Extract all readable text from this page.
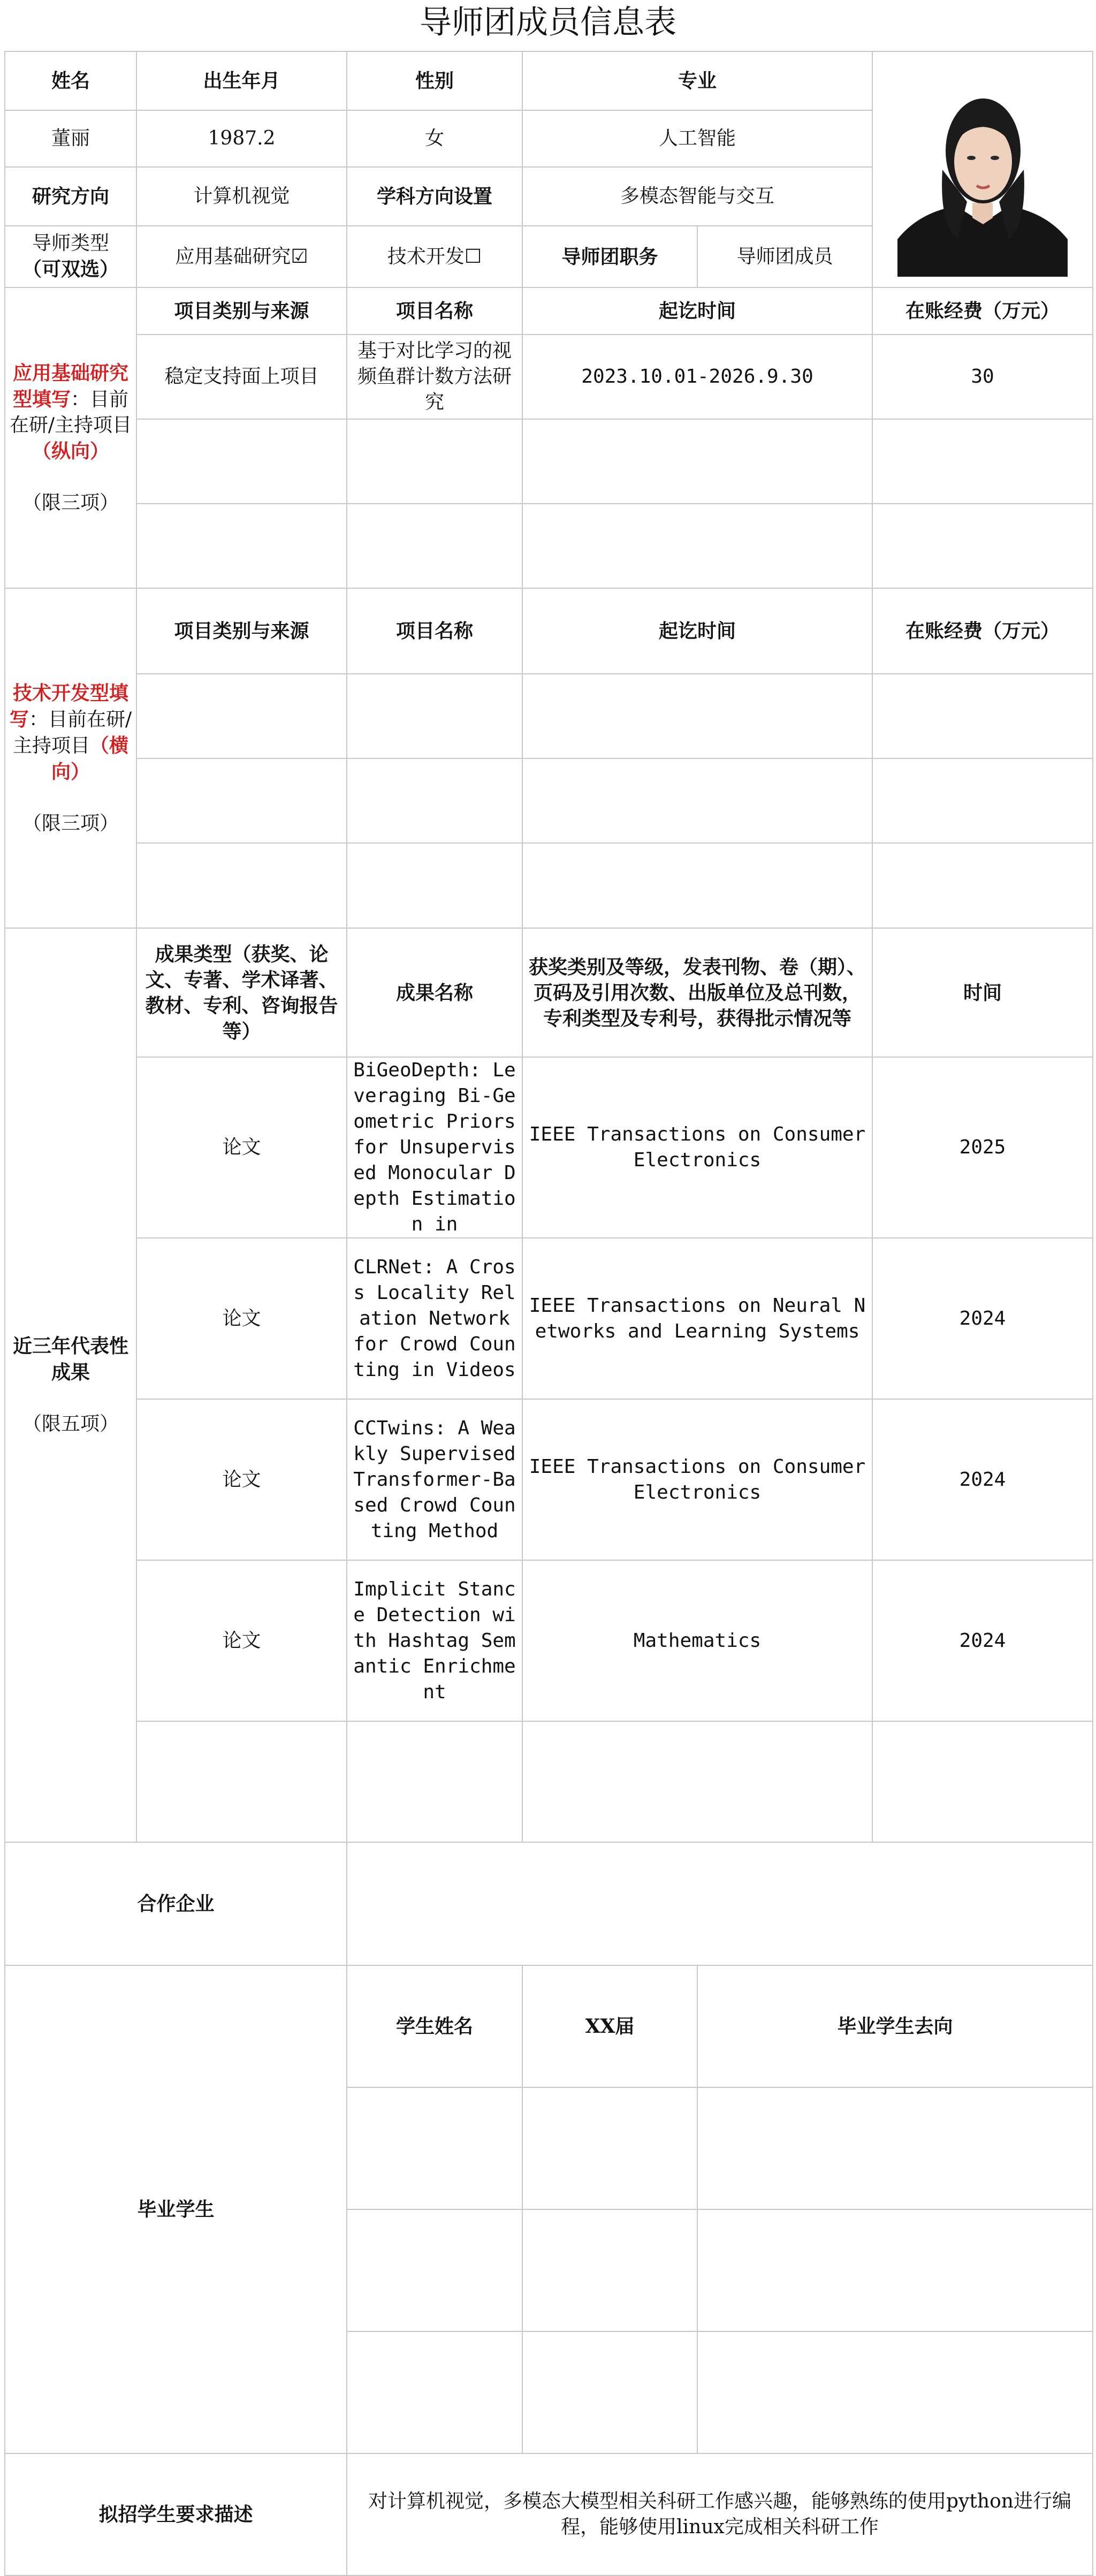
导师团成员信息表
姓名	出生年月	性别	专业	

董丽	1987.2	女	人工智能		
研究方向	计算机视觉	学科方向设置	多模态智能与交互		
导师类型
（可双选）	应用基础研究☑	技术开发☐	导师团职务	导师团成员	
应用基础研究型填写：目前在研/主持项目（纵向）
（限三项）	项目类别与来源	项目名称	起讫时间		在账经费（万元）
	稳定支持面上项目	基于对比学习的视频鱼群计数方法研究	2023.10.01-2026.9.30		30

技术开发型填写：目前在研/主持项目（横向）
（限三项）	项目类别与来源	项目名称	起讫时间		在账经费（万元）

近三年代表性成果
（限五项）	成果类型（获奖、论文、专著、学术译著、教材、专利、咨询报告等）	成果名称	获奖类别及等级，发表刊物、卷（期）、页码及引用次数、出版单位及总刊数，专利类型及专利号，获得批示情况等		时间
	论文	BiGeoDepth: Leveraging Bi-Geometric Priors for Unsupervised Monocular Depth Estimation in	IEEE Transactions on Consumer Electronics		2025
	论文	CLRNet: A Cross Locality Relation Network for Crowd Counting in Videos	IEEE Transactions on Neural Networks and Learning Systems		2024
	论文	CCTwins: A Weakly Supervised Transformer-Based Crowd Counting Method	IEEE Transactions on Consumer Electronics		2024
	论文	Implicit Stance Detection with Hashtag Semantic Enrichment	Mathematics		2024

合作企业					
毕业学生		学生姓名	XX届	毕业学生去向	

拟招学生要求描述		对计算机视觉，多模态大模型相关科研工作感兴趣，能够熟练的使用python进行编程，能够使用linux完成相关科研工作			
